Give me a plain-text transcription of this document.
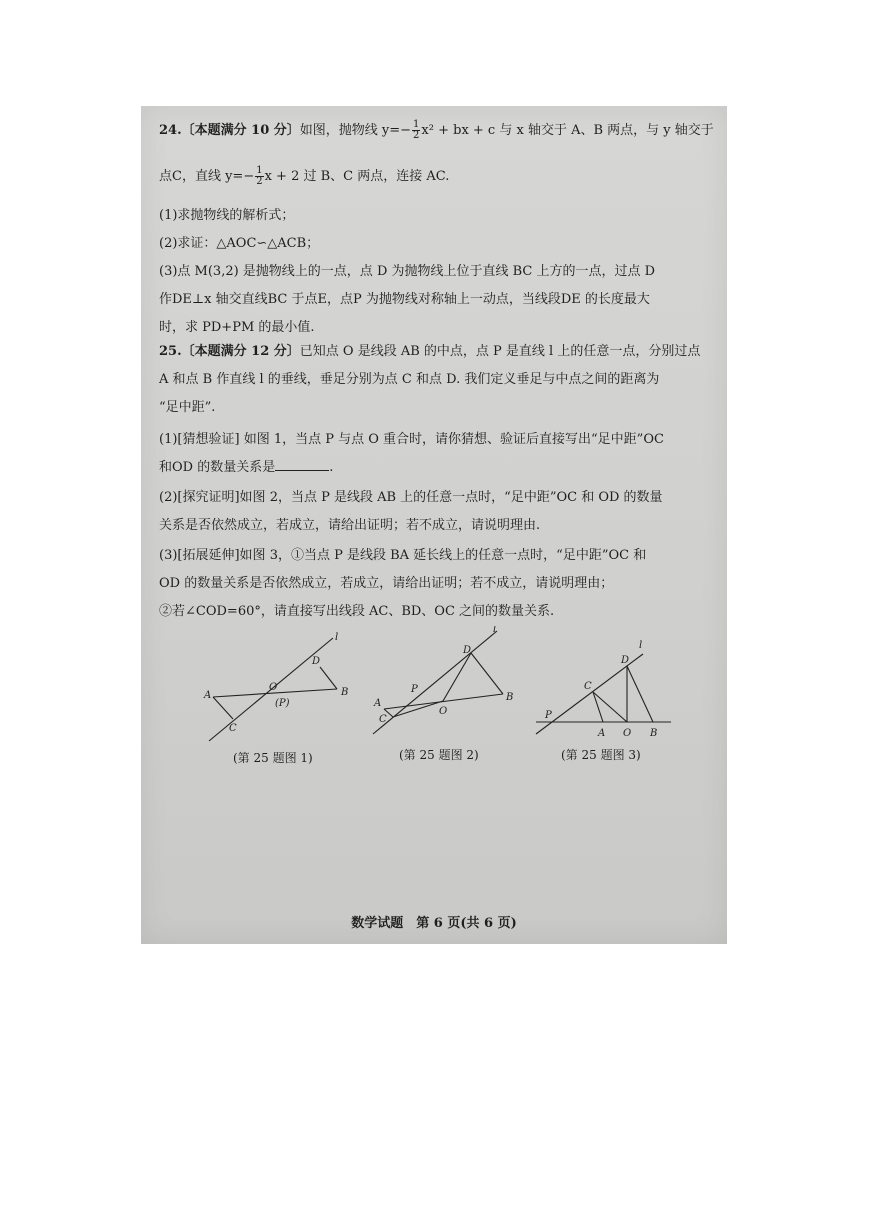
24.〔本题满分 10 分〕如图，抛物线 $y=- \frac{1}{2} x^2$ + bx + c 与 x 轴交于 A、B 两点，与 y 轴交于
点C，直线 $y=- \frac{1}{2}$ x + 2 过 B、C 两点，连接 AC.
(1)求抛物线的解析式；
(2)求证：△AOC∽△ACB；
(3)点 M(3,2) 是抛物线上的一点，点 D 为抛物线上位于直线 BC 上方的一点，过点 D
作DE⊥x 轴交直线BC 于点E，点P 为抛物线对称轴上一动点，当线段DE 的长度最大
时，求 PD+PM 的最小值.
25.〔本题满分 12 分〕已知点 O 是线段 AB 的中点，点 P 是直线 l 上的任意一点，分别过点
A 和点 B 作直线 l 的垂线，垂足分别为点 C 和点 D. 我们定义垂足与中点之间的距离为
“足中距”.
(1)[猜想验证] 如图 1，当点 P 与点 O 重合时，请你猜想、验证后直接写出“足中距”OC
和OD 的数量关系是	.
(2)[探究证明]如图 2，当点 P 是线段 AB 上的任意一点时，“足中距”OC 和 OD 的数量
关系是否依然成立，若成立，请给出证明；若不成立，请说明理由.
(3)[拓展延伸]如图 3，①当点 P 是线段 BA 延长线上的任意一点时，“足中距”OC 和
OD 的数量关系是否依然成立，若成立，请给出证明；若不成立，请说明理由；
②若∠COD=60°，请直接写出线段 AC、BD、OC 之间的数量关系.
l
D
A
O
(P)
B
C
l
D
P
A
C
O
B
l
D
C
P
A O B
(第 25 题图 1)	(第 25 题图 2)	(第 25 题图 3)
数学试题　第 6 页(共 6 页)
